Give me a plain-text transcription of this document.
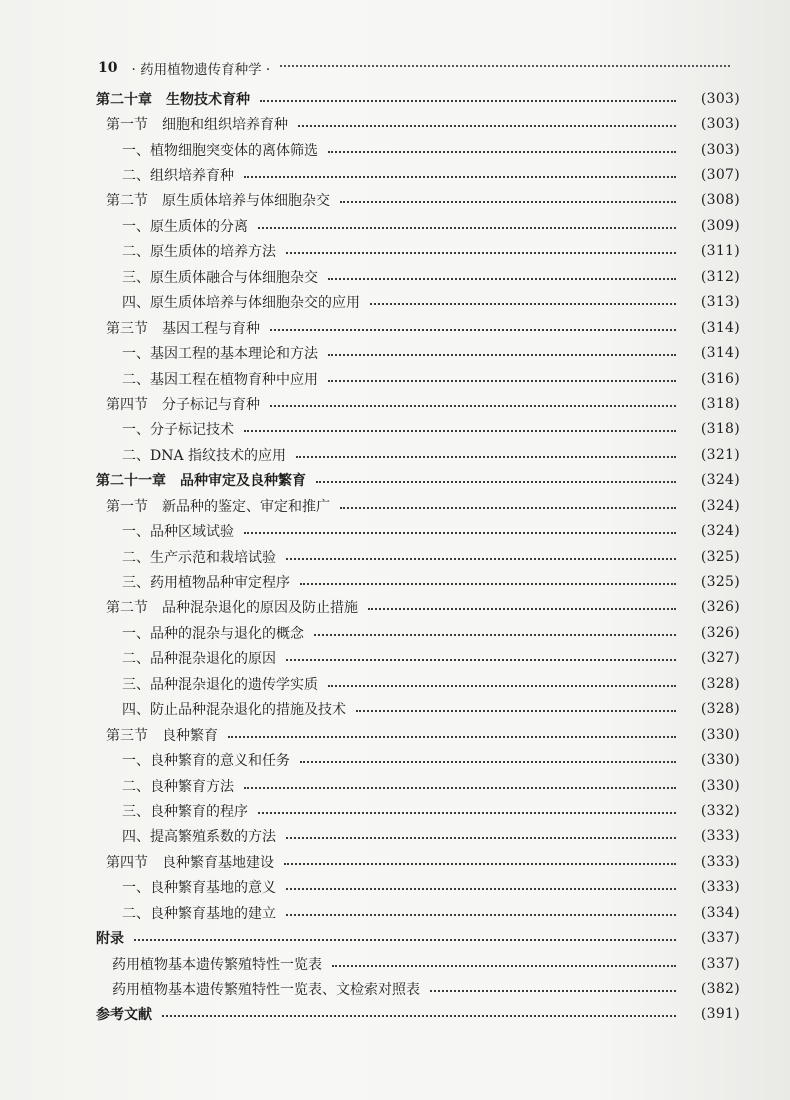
10 · 药用植物遗传育种学 ·
第二十章　生物技术育种	(303)
第一节　细胞和组织培养育种	(303)
一、植物细胞突变体的离体筛选	(303)
二、组织培养育种	(307)
第二节　原生质体培养与体细胞杂交	(308)
一、原生质体的分离	(309)
二、原生质体的培养方法	(311)
三、原生质体融合与体细胞杂交	(312)
四、原生质体培养与体细胞杂交的应用	(313)
第三节　基因工程与育种	(314)
一、基因工程的基本理论和方法	(314)
二、基因工程在植物育种中应用	(316)
第四节　分子标记与育种	(318)
一、分子标记技术	(318)
二、DNA 指纹技术的应用	(321)
第二十一章　品种审定及良种繁育	(324)
第一节　新品种的鉴定、审定和推广	(324)
一、品种区域试验	(324)
二、生产示范和栽培试验	(325)
三、药用植物品种审定程序	(325)
第二节　品种混杂退化的原因及防止措施	(326)
一、品种的混杂与退化的概念	(326)
二、品种混杂退化的原因	(327)
三、品种混杂退化的遗传学实质	(328)
四、防止品种混杂退化的措施及技术	(328)
第三节　良种繁育	(330)
一、良种繁育的意义和任务	(330)
二、良种繁育方法	(330)
三、良种繁育的程序	(332)
四、提高繁殖系数的方法	(333)
第四节　良种繁育基地建设	(333)
一、良种繁育基地的意义	(333)
二、良种繁育基地的建立	(334)
附录	(337)
药用植物基本遗传繁殖特性一览表	(337)
药用植物基本遗传繁殖特性一览表、文检索对照表	(382)
参考文献	(391)
